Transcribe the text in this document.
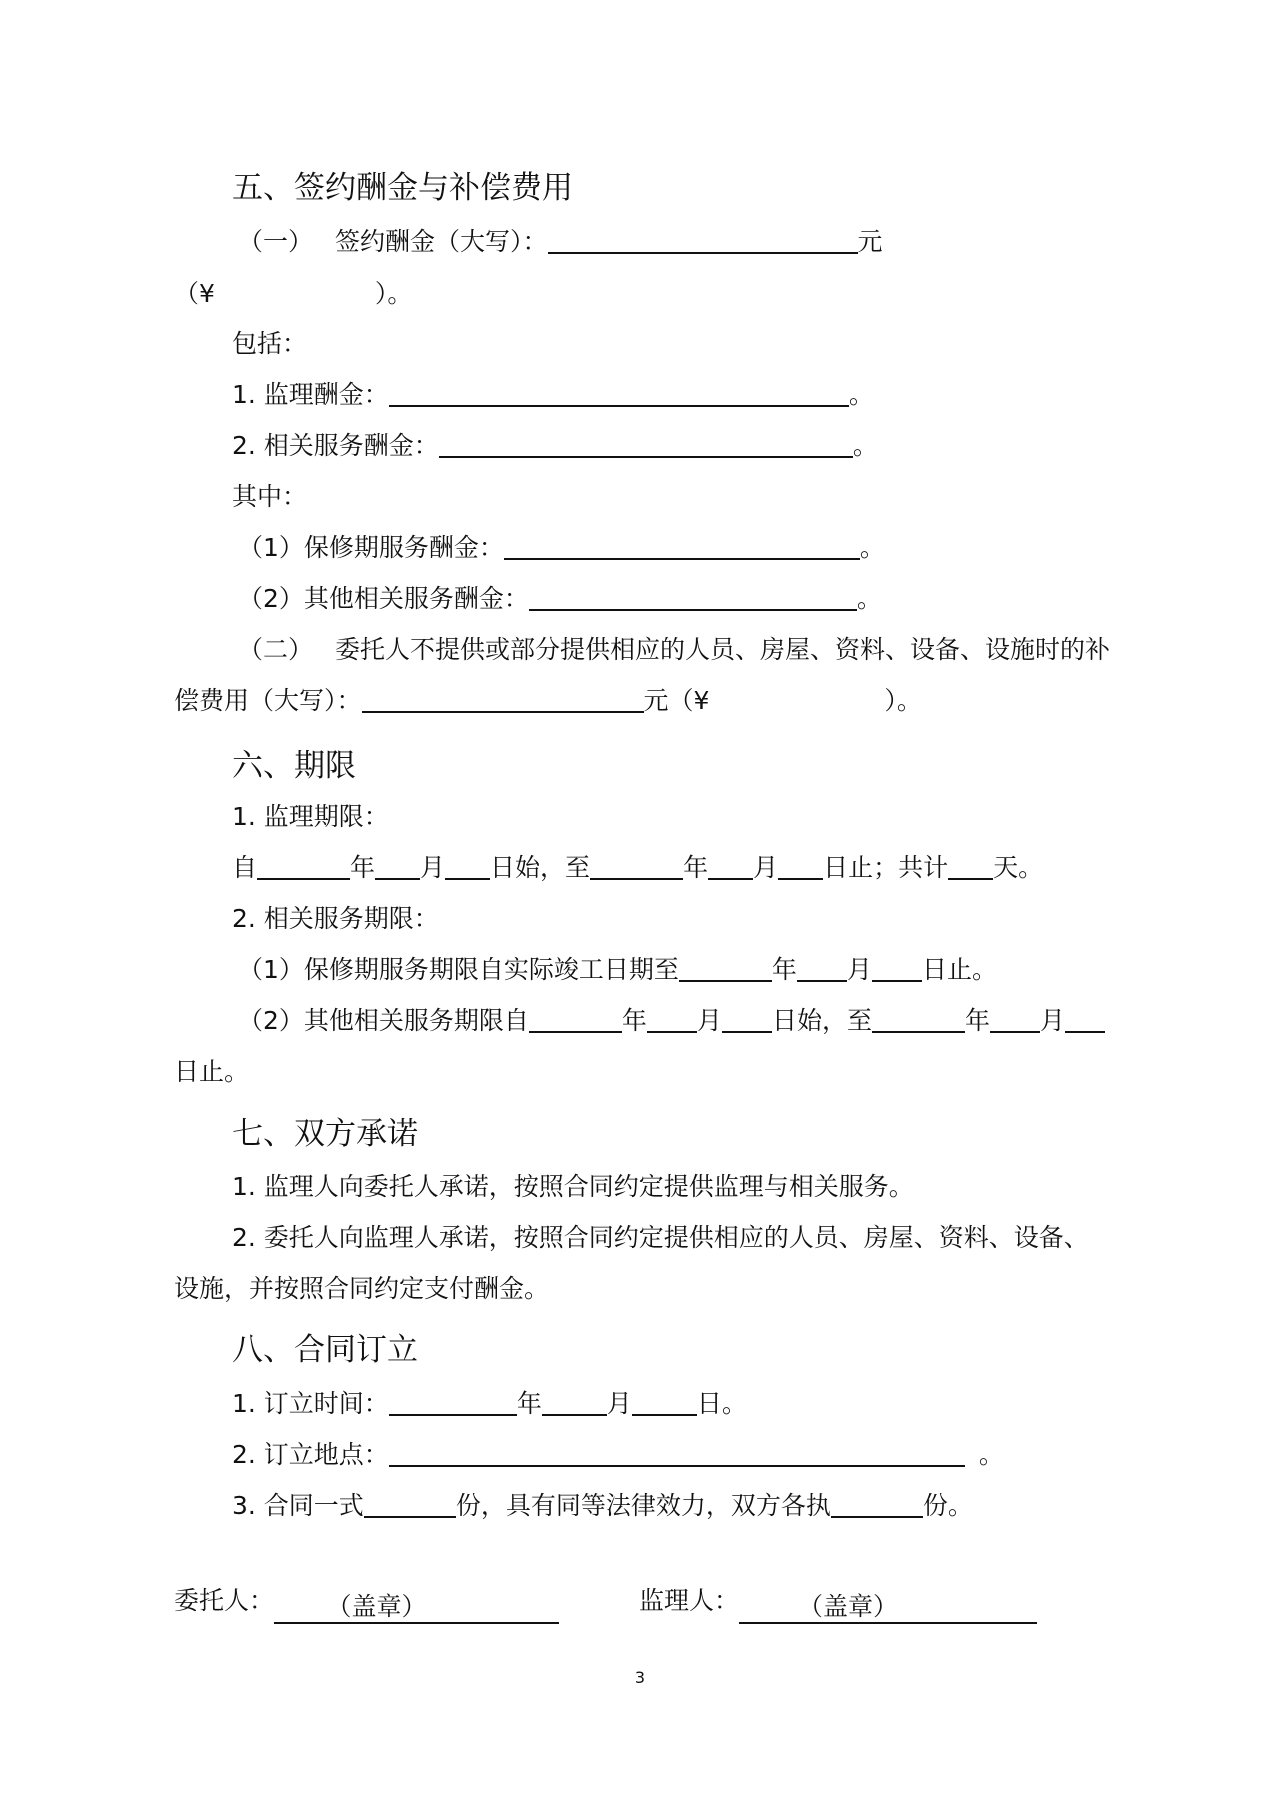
五、签约酬金与补偿费用
（一） 签约酬金（大写）：	元
（¥	）。
包括：
1. 监理酬金：	。
2. 相关服务酬金：	。
其中：
（1）保修期服务酬金：	。
（2）其他相关服务酬金：	。
（二） 委托人不提供或部分提供相应的人员、房屋、资料、设备、设施时的补
偿费用（大写）：	元（¥	）。
六、期限
1. 监理期限：
自	年 月 日始，至	年 月 日止；共计 天。
2. 相关服务期限：
（1）保修期服务期限自实际竣工日期至	年 月 日止。
（2）其他相关服务期限自	年 月 日始，至	年 月
日止。
七、双方承诺
1. 监理人向委托人承诺，按照合同约定提供监理与相关服务。
2. 委托人向监理人承诺，按照合同约定提供相应的人员、房屋、资料、设备、
设施，并按照合同约定支付酬金。
八、合同订立
1. 订立时间：	年	月	日。
2. 订立地点：	。
3. 合同一式	份，具有同等法律效力，双方各执	份。
委托人： （盖章）	监理人： （盖章）
3
